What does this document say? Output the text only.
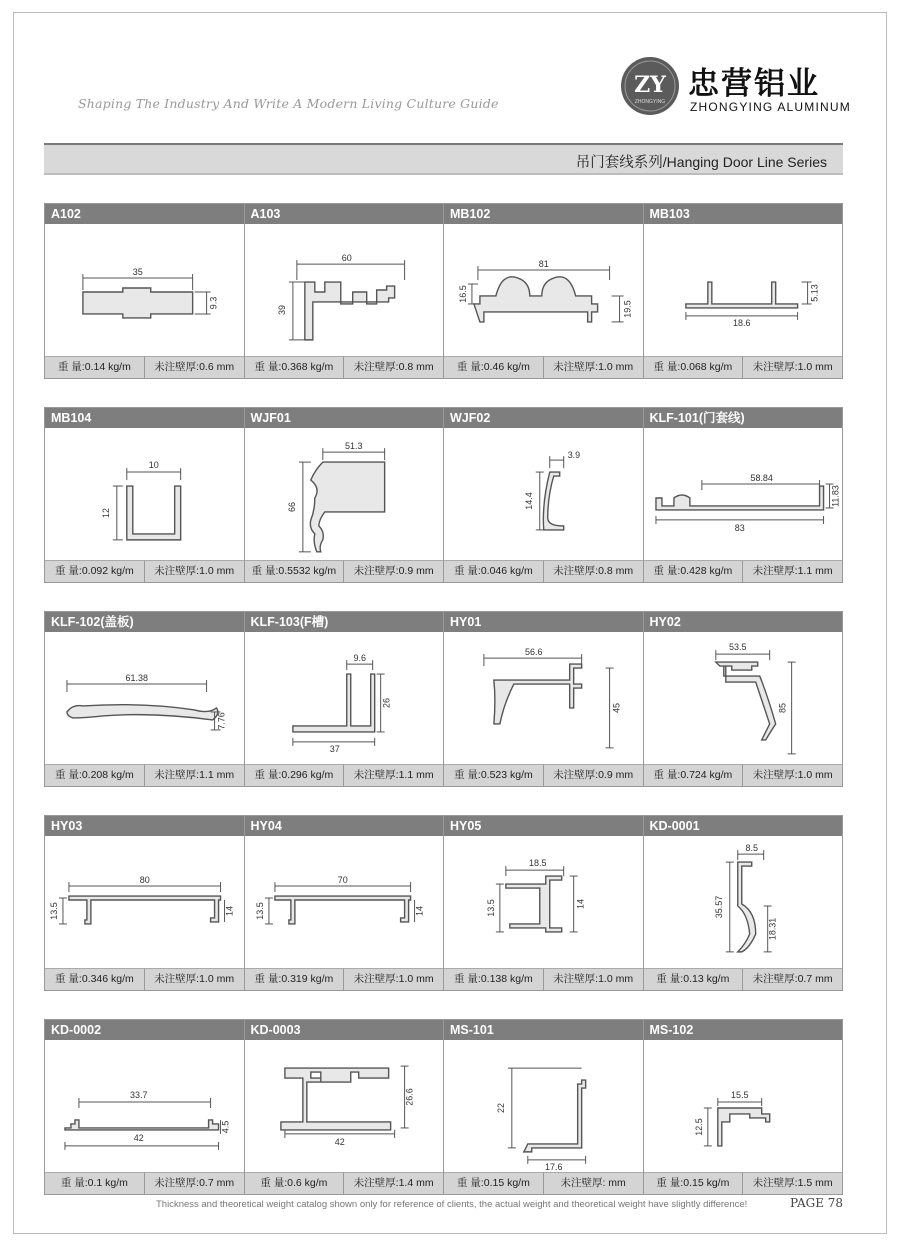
Shaping The Industry And Write A Modern Living Culture Guide
ZY
ZHONGYING 忠营铝业
ZHONGYING ALUMINUM
吊门套线系列/Hanging Door Line Series
A102
35
9.3
重 量:0.14 kg/m	未注壁厚:0.6 mm
A103
60
39
重 量:0.368 kg/m	未注壁厚:0.8 mm
MB102
81
16.5
19.5
重 量:0.46 kg/m	未注壁厚:1.0 mm
MB103
18.6
5.13
重 量:0.068 kg/m	未注壁厚:1.0 mm
MB104
10
12
重 量:0.092 kg/m	未注壁厚:1.0 mm
WJF01
51.3
66
重 量:0.5532 kg/m	未注壁厚:0.9 mm
WJF02
3.9
14.4
重 量:0.046 kg/m	未注壁厚:0.8 mm
KLF-101(门套线)
58.84
11.83
83
重 量:0.428 kg/m	未注壁厚:1.1 mm
KLF-102(盖板)
61.38
7.76
重 量:0.208 kg/m	未注壁厚:1.1 mm
KLF-103(F槽)
9.6
26
37
重 量:0.296 kg/m	未注壁厚:1.1 mm
HY01
56.6
45
重 量:0.523 kg/m	未注壁厚:0.9 mm
HY02
53.5
85
重 量:0.724 kg/m	未注壁厚:1.0 mm
HY03
80
13.5	14
重 量:0.346 kg/m	未注壁厚:1.0 mm
HY04
70
13.5	14
重 量:0.319 kg/m	未注壁厚:1.0 mm
HY05
18.5
13.5	14
重 量:0.138 kg/m	未注壁厚:1.0 mm
KD-0001
8.5
35.57
18.31
重 量:0.13 kg/m	未注壁厚:0.7 mm
KD-0002
33.7
4.5
42
重 量:0.1 kg/m	未注壁厚:0.7 mm
KD-0003
42
26.6
重 量:0.6 kg/m	未注壁厚:1.4 mm
MS-101
22
17.6
重 量:0.15 kg/m	未注壁厚: mm
MS-102
15.5
12.5
重 量:0.15 kg/m	未注壁厚:1.5 mm
Thickness and theoretical weight catalog shown only for reference of clients, the actual weight and theoretical weight have slightly difference!	PAGE 78
